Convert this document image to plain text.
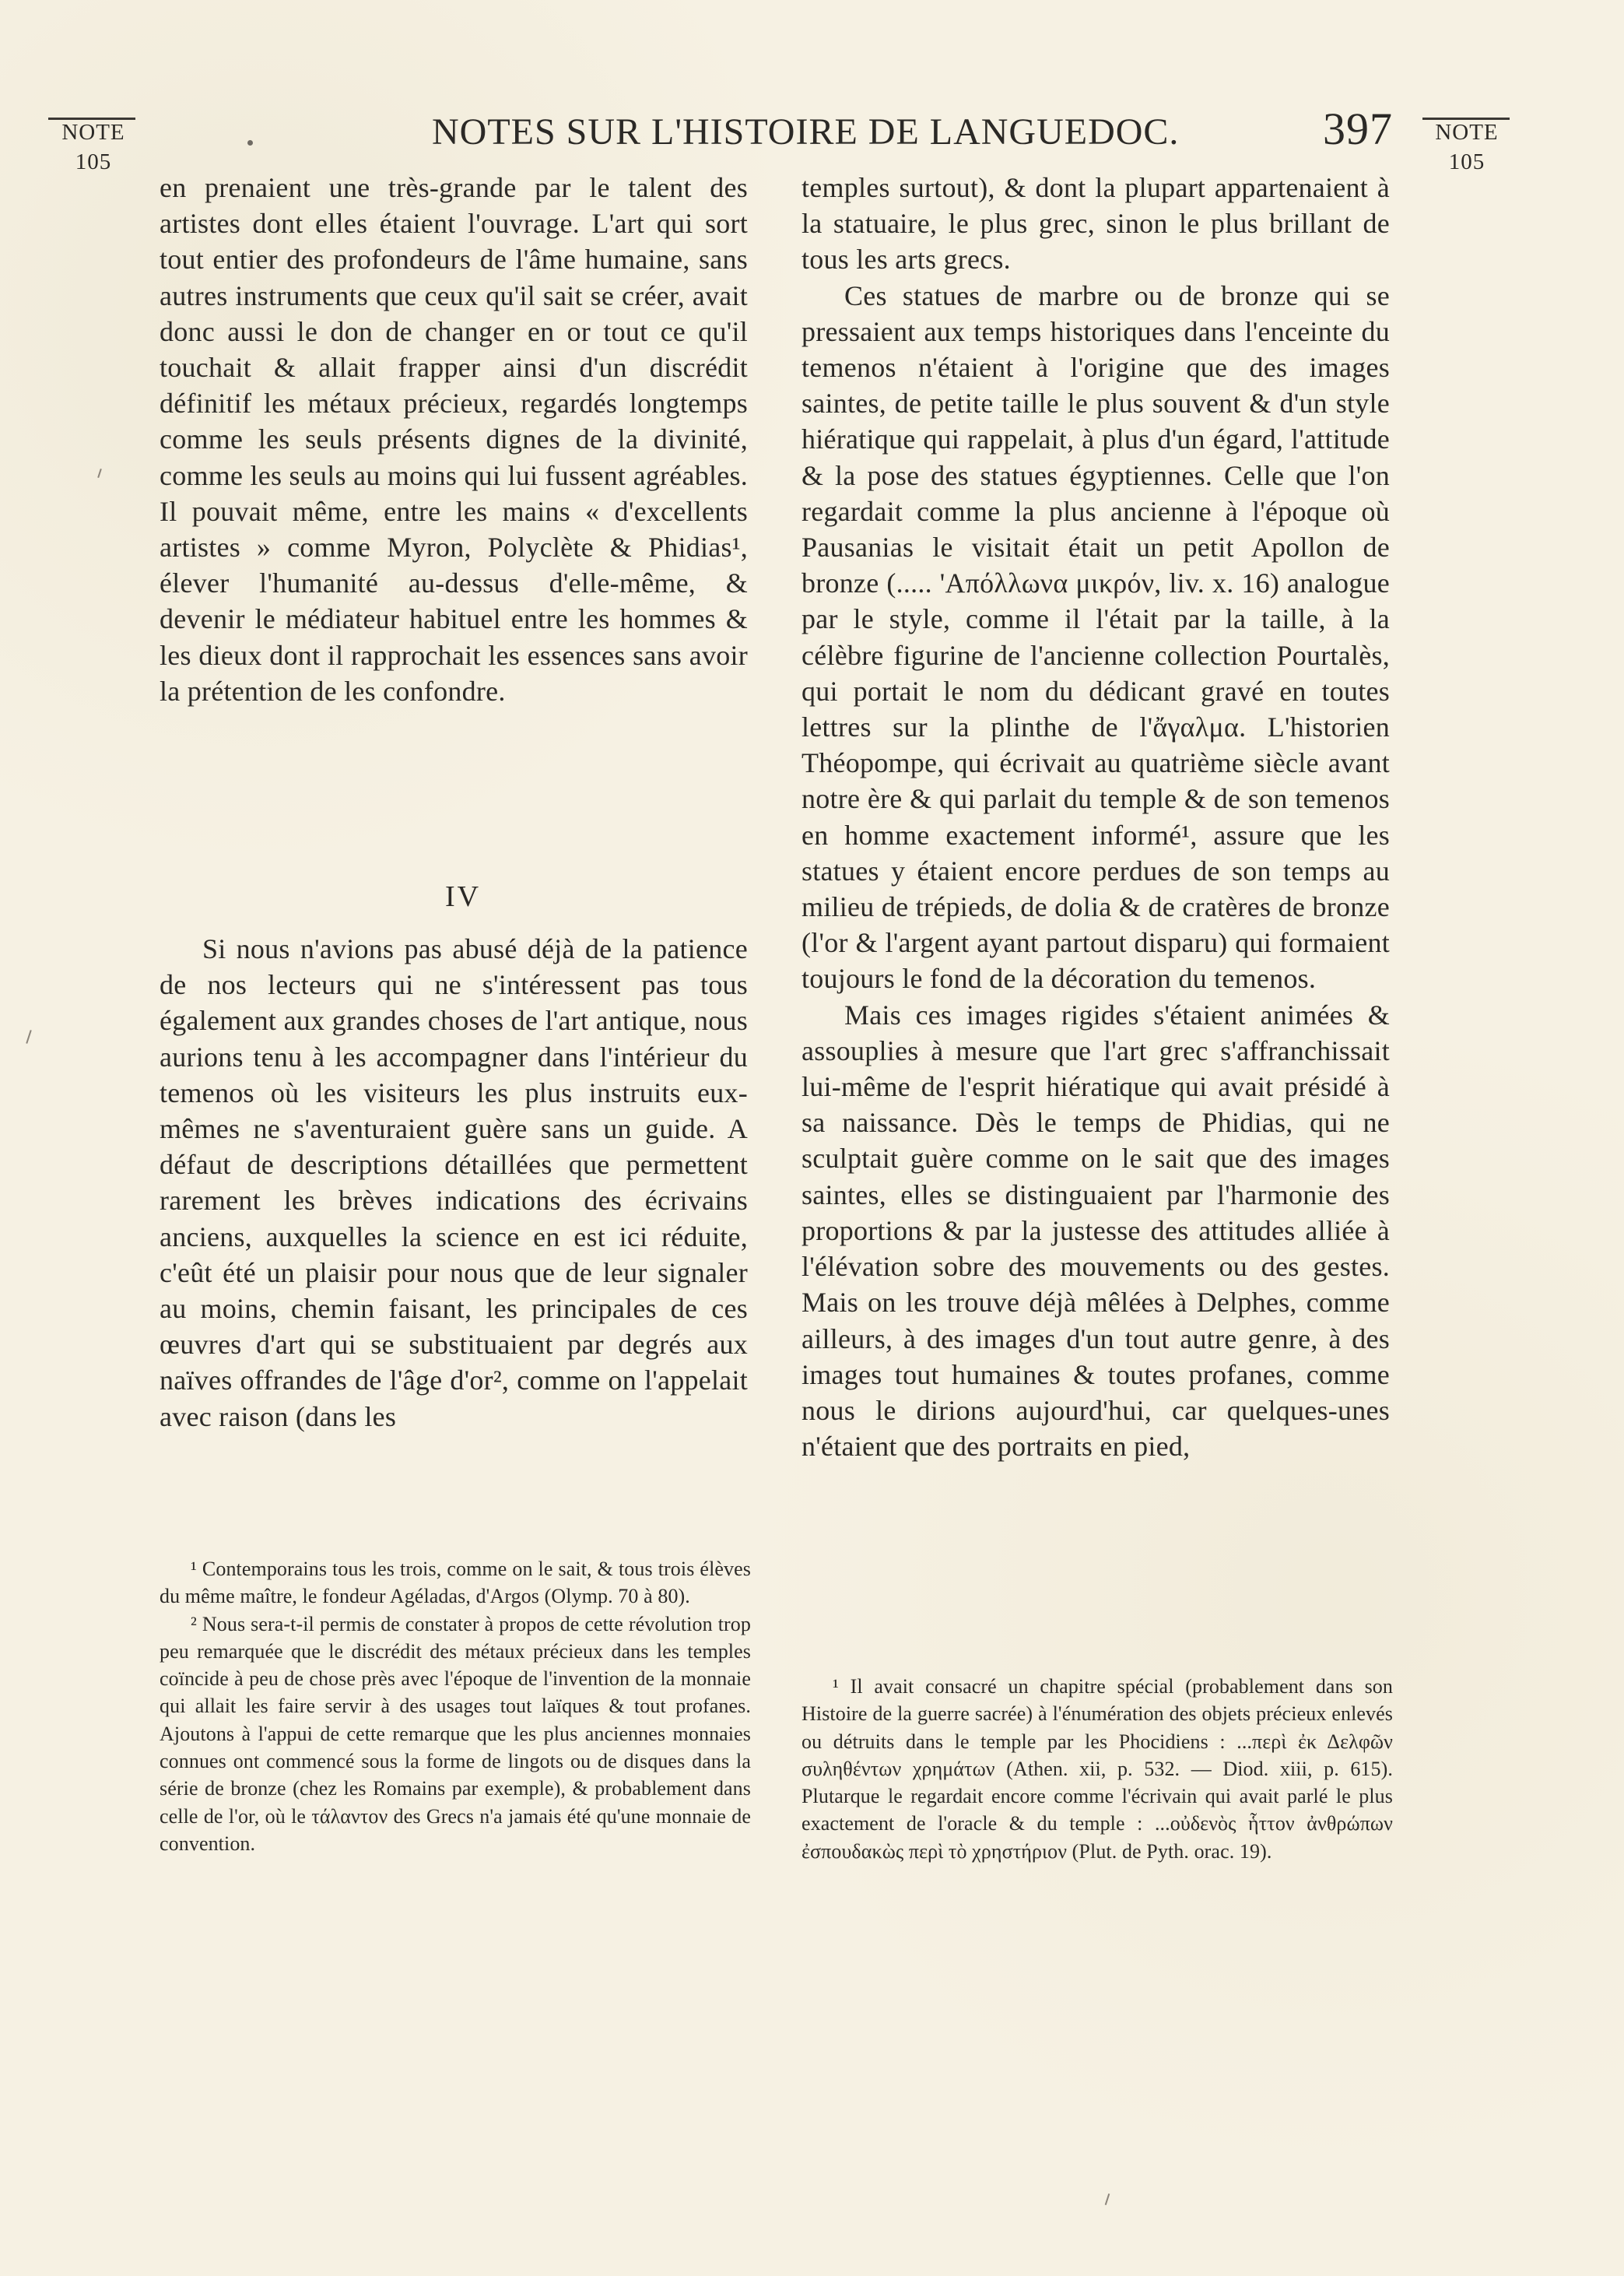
NOTE
105
NOTES SUR L'HISTOIRE DE LANGUEDOC.	397	NOTE
105

en prenaient une très-grande par le talent des artistes dont elles étaient l'ouvrage. L'art qui sort tout entier des profondeurs de l'âme humaine, sans autres instruments que ceux qu'il sait se créer, avait donc aussi le don de changer en or tout ce qu'il touchait & allait frapper ainsi d'un discrédit définitif les métaux précieux, regardés longtemps comme les seuls présents dignes de la divinité, comme les seuls au moins qui lui fussent agréables. Il pouvait même, entre les mains « d'excellents artistes » comme Myron, Polyclète & Phidias¹, élever l'humanité au-dessus d'elle-même, & devenir le médiateur habituel entre les hommes & les dieux dont il rapprochait les essences sans avoir la prétention de les confondre.

IV

Si nous n'avions pas abusé déjà de la patience de nos lecteurs qui ne s'intéressent pas tous également aux grandes choses de l'art antique, nous aurions tenu à les accompagner dans l'intérieur du temenos où les visiteurs les plus instruits eux-mêmes ne s'aventuraient guère sans un guide. A défaut de descriptions détaillées que permettent rarement les brèves indications des écrivains anciens, auxquelles la science en est ici réduite, c'eût été un plaisir pour nous que de leur signaler au moins, chemin faisant, les principales de ces œuvres d'art qui se substituaient par degrés aux naïves offrandes de l'âge d'or², comme on l'appelait avec raison (dans les

temples surtout), & dont la plupart appartenaient à la statuaire, le plus grec, sinon le plus brillant de tous les arts grecs.

Ces statues de marbre ou de bronze qui se pressaient aux temps historiques dans l'enceinte du temenos n'étaient à l'origine que des images saintes, de petite taille le plus souvent & d'un style hiératique qui rappelait, à plus d'un égard, l'attitude & la pose des statues égyptiennes. Celle que l'on regardait comme la plus ancienne à l'époque où Pausanias le visitait était un petit Apollon de bronze (..... 'Απόλλωνα μικρόν, liv. x. 16) analogue par le style, comme il l'était par la taille, à la célèbre figurine de l'ancienne collection Pourtalès, qui portait le nom du dédicant gravé en toutes lettres sur la plinthe de l'ἄγαλμα. L'historien Théopompe, qui écrivait au quatrième siècle avant notre ère & qui parlait du temple & de son temenos en homme exactement informé¹, assure que les statues y étaient encore perdues de son temps au milieu de trépieds, de dolia & de cratères de bronze (l'or & l'argent ayant partout disparu) qui formaient toujours le fond de la décoration du temenos.

Mais ces images rigides s'étaient animées & assouplies à mesure que l'art grec s'affranchissait lui-même de l'esprit hiératique qui avait présidé à sa naissance. Dès le temps de Phidias, qui ne sculptait guère comme on le sait que des images saintes, elles se distinguaient par l'harmonie des proportions & par la justesse des attitudes alliée à l'élévation sobre des mouvements ou des gestes. Mais on les trouve déjà mêlées à Delphes, comme ailleurs, à des images d'un tout autre genre, à des images tout humaines & toutes profanes, comme nous le dirions aujourd'hui, car quelques-unes n'étaient que des portraits en pied,

¹ Contemporains tous les trois, comme on le sait, & tous trois élèves du même maître, le fondeur Agéladas, d'Argos (Olymp. 70 à 80).

² Nous sera-t-il permis de constater à propos de cette révolution trop peu remarquée que le discrédit des métaux précieux dans les temples coïncide à peu de chose près avec l'époque de l'invention de la monnaie qui allait les faire servir à des usages tout laïques & tout profanes. Ajoutons à l'appui de cette remarque que les plus anciennes monnaies connues ont commencé sous la forme de lingots ou de disques dans la série de bronze (chez les Romains par exemple), & probablement dans celle de l'or, où le τάλαντον des Grecs n'a jamais été qu'une monnaie de convention.

¹ Il avait consacré un chapitre spécial (probablement dans son Histoire de la guerre sacrée) à l'énumération des objets précieux enlevés ou détruits dans le temple par les Phocidiens : ...περὶ ἐκ Δελφῶν συληθέντων χρημάτων (Athen. xii, p. 532. — Diod. xiii, p. 615). Plutarque le regardait encore comme l'écrivain qui avait parlé le plus exactement de l'oracle & du temple : ...οὐδενὸς ἧττον ἀνθρώπων ἐσπουδακὼς περὶ τὸ χρηστήριον (Plut. de Pyth. orac. 19).
